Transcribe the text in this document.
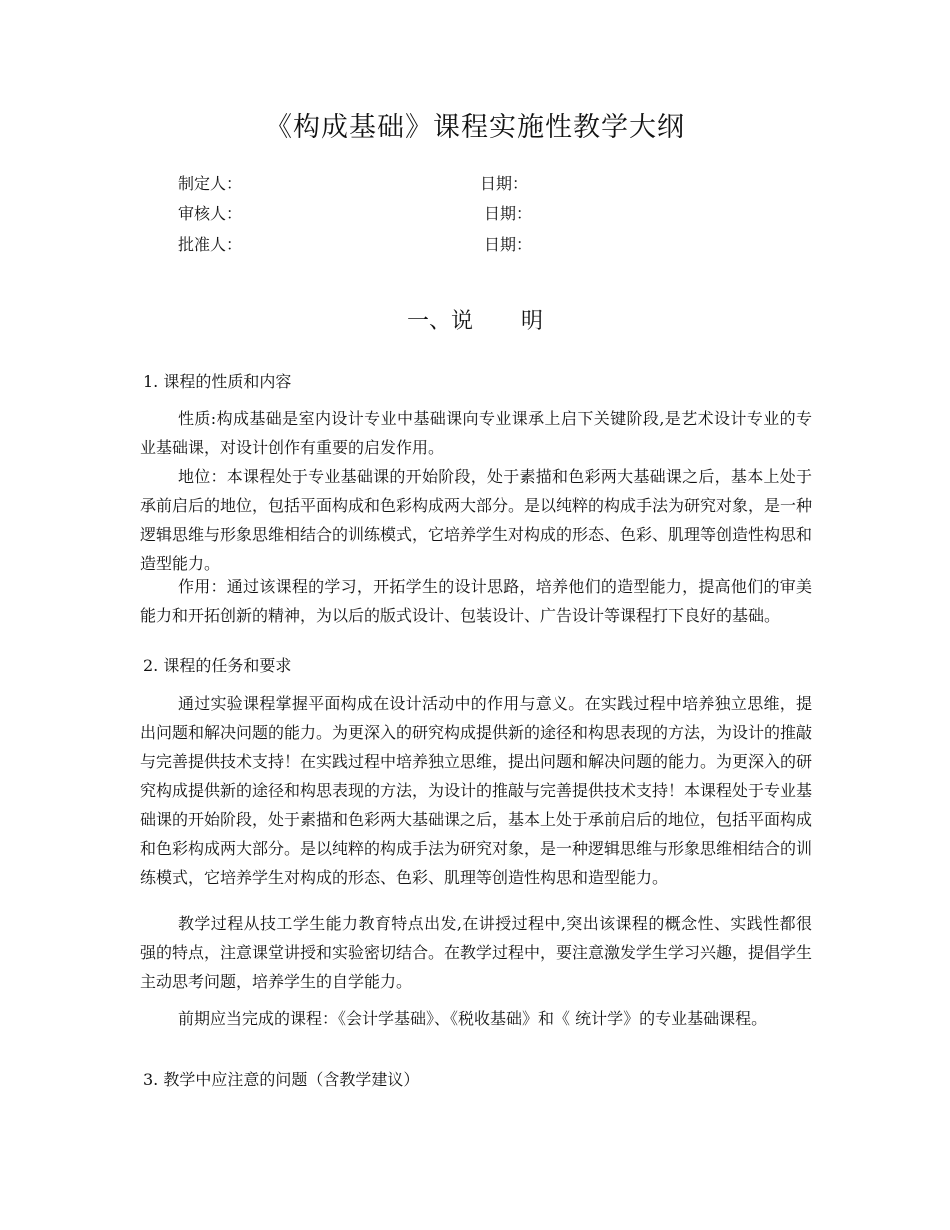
《构成基础》课程实施性教学大纲
制定人：	日期：
审核人：	日期：
批准人：	日期：
一、说 明
1. 课程的性质和内容

性质:构成基础是室内设计专业中基础课向专业课承上启下关键阶段,是艺术设计专业的专业基础课，对设计创作有重要的启发作用。

地位：本课程处于专业基础课的开始阶段，处于素描和色彩两大基础课之后，基本上处于承前启后的地位，包括平面构成和色彩构成两大部分。是以纯粹的构成手法为研究对象，是一种逻辑思维与形象思维相结合的训练模式，它培养学生对构成的形态、色彩、肌理等创造性构思和造型能力。

作用：通过该课程的学习，开拓学生的设计思路，培养他们的造型能力，提高他们的审美能力和开拓创新的精神，为以后的版式设计、包装设计、广告设计等课程打下良好的基础。

2. 课程的任务和要求

通过实验课程掌握平面构成在设计活动中的作用与意义。在实践过程中培养独立思维，提出问题和解决问题的能力。为更深入的研究构成提供新的途径和构思表现的方法，为设计的推敲与完善提供技术支持！在实践过程中培养独立思维，提出问题和解决问题的能力。为更深入的研究构成提供新的途径和构思表现的方法，为设计的推敲与完善提供技术支持！本课程处于专业基础课的开始阶段，处于素描和色彩两大基础课之后，基本上处于承前启后的地位，包括平面构成和色彩构成两大部分。是以纯粹的构成手法为研究对象，是一种逻辑思维与形象思维相结合的训练模式，它培养学生对构成的形态、色彩、肌理等创造性构思和造型能力。

教学过程从技工学生能力教育特点出发,在讲授过程中,突出该课程的概念性、实践性都很强的特点，注意课堂讲授和实验密切结合。在教学过程中，要注意激发学生学习兴趣，提倡学生主动思考问题，培养学生的自学能力。

前期应当完成的课程：《会计学基础》、《税收基础》和《 统计学》的专业基础课程。

3. 教学中应注意的问题（含教学建议）
